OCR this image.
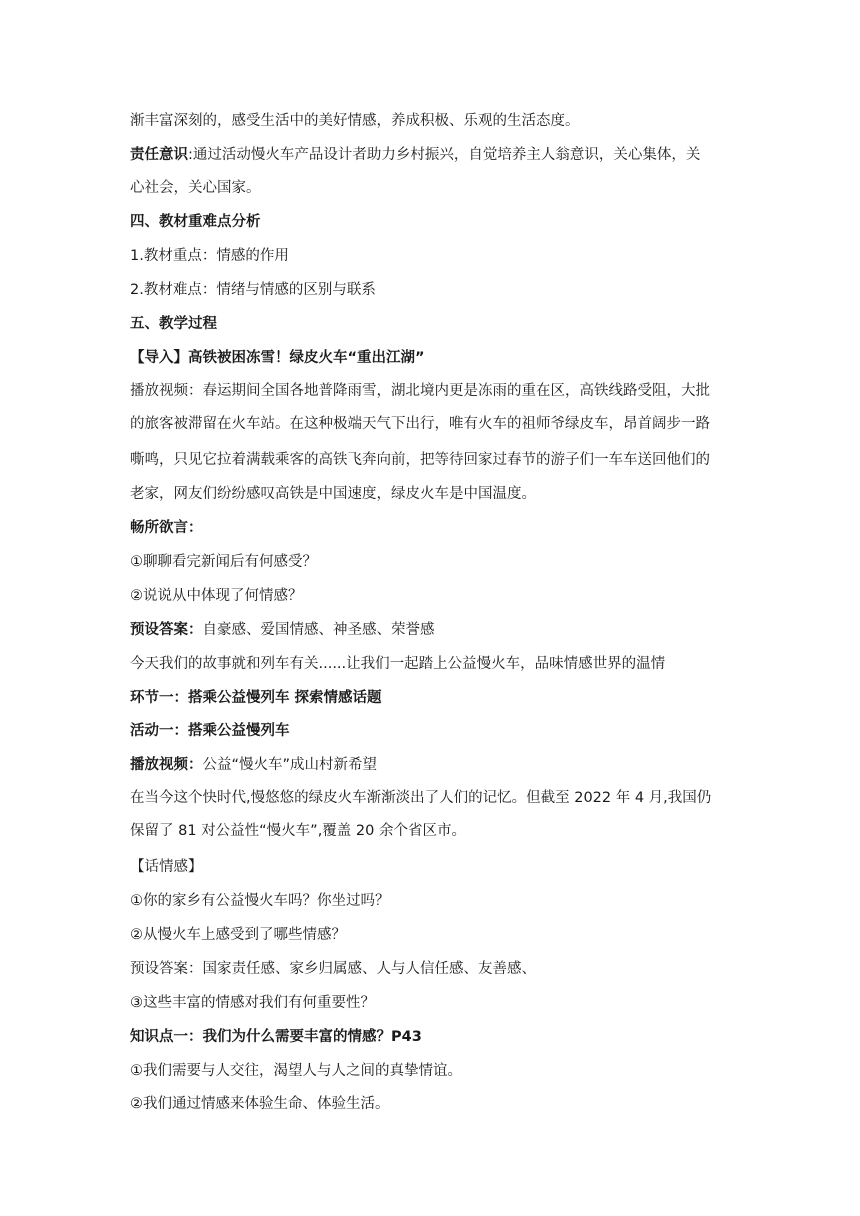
渐丰富深刻的，感受生活中的美好情感，养成积极、乐观的生活态度。
责任意识:通过活动慢火车产品设计者助力乡村振兴，自觉培养主人翁意识，关心集体，关
心社会，关心国家。
四、教材重难点分析
1.教材重点：情感的作用
2.教材难点：情绪与情感的区别与联系
五、教学过程
【导入】高铁被困冻雪！绿皮火车“重出江湖”
播放视频：春运期间全国各地普降雨雪，湖北境内更是冻雨的重在区，高铁线路受阻，大批
的旅客被滞留在火车站。在这种极端天气下出行，唯有火车的祖师爷绿皮车，昂首阔步一路
嘶鸣，只见它拉着满载乘客的高铁飞奔向前，把等待回家过春节的游子们一车车送回他们的
老家，网友们纷纷感叹高铁是中国速度，绿皮火车是中国温度。
畅所欲言：
①聊聊看完新闻后有何感受？
②说说从中体现了何情感？
预设答案：自豪感、爱国情感、神圣感、荣誉感
今天我们的故事就和列车有关......让我们一起踏上公益慢火车，品味情感世界的温情
环节一：搭乘公益慢列车 探索情感话题
活动一：搭乘公益慢列车
播放视频：公益“慢火车”成山村新希望
在当今这个快时代,慢悠悠的绿皮火车渐渐淡出了人们的记忆。但截至 2022 年 4 月,我国仍
保留了 81 对公益性“慢火车”,覆盖 20 余个省区市。
【话情感】
①你的家乡有公益慢火车吗？你坐过吗？
②从慢火车上感受到了哪些情感？
预设答案：国家责任感、家乡归属感、人与人信任感、友善感、
③这些丰富的情感对我们有何重要性？
知识点一：我们为什么需要丰富的情感？P43
①我们需要与人交往，渴望人与人之间的真挚情谊。
②我们通过情感来体验生命、体验生活。
